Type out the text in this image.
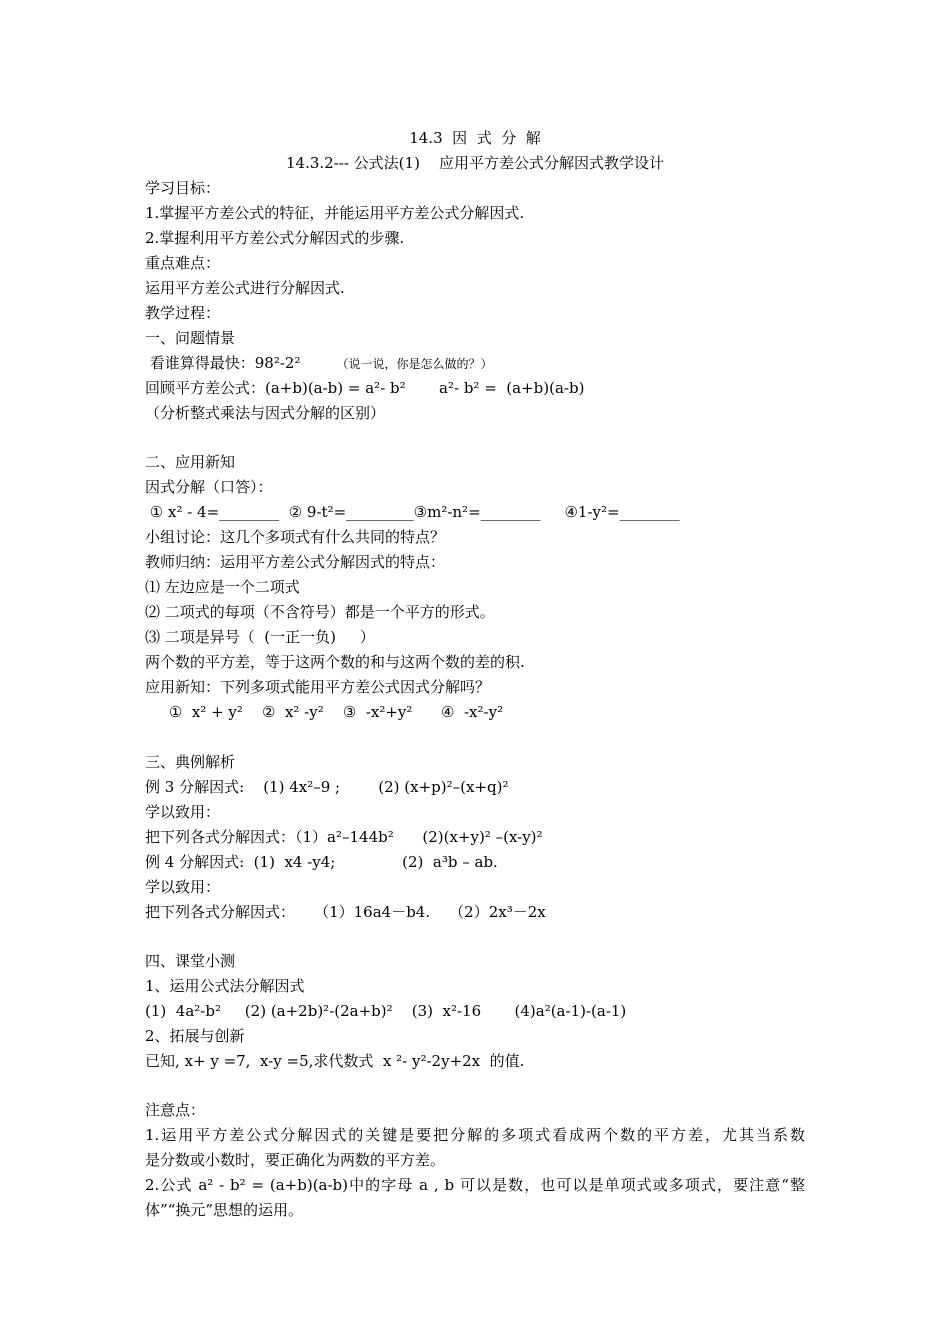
14.3  因  式  分  解
14.3.2--- 公式法(1)    应用平方差公式分解因式教学设计
学习目标：
1.掌握平方差公式的特征，并能运用平方差公式分解因式.
2.掌握利用平方差公式分解因式的步骤.
重点难点：
运用平方差公式进行分解因式.
教学过程：
一、问题情景
看谁算得最快：98²-2²	（说一说，你是怎么做的？）
回顾平方差公式：(a+b)(a-b) = a²- b²       a²- b² =  (a+b)(a-b)
（分析整式乘法与因式分解的区别）
二、应用新知
因式分解（口答）：
① x² - 4=________  ② 9-t²=_________③m²-n²=________     ④1-y²=________
小组讨论：这几个多项式有什么共同的特点？
教师归纳：运用平方差公式分解因式的特点：
⑴ 左边应是一个二项式
⑵ 二项式的每项（不含符号）都是一个平方的形式。
⑶ 二项是异号（  (一正一负)     ）
两个数的平方差，等于这两个数的和与这两个数的差的积.
应用新知：下列多项式能用平方差公式因式分解吗？
①  x² + y²    ②  x² -y²    ③  -x²+y²      ④  -x²-y²
三、典例解析
例 3 分解因式:    (1) 4x²–9 ;        (2) (x+p)²–(x+q)²
学以致用：
把下列各式分解因式：（1）a²–144b²      (2)(x+y)² –(x-y)²
例 4 分解因式:  (1)  x4 -y4;              (2)  a³b – ab.
学以致用：
把下列各式分解因式：    （1）16a4－b4.    （2）2x³－2x
四、课堂小测
1、运用公式法分解因式
(1)  4a²-b²     (2) (a+2b)²-(2a+b)²    (3)  x²-16       (4)a²(a-1)-(a-1)
2、拓展与创新
已知, x+ y =7,  x-y =5,求代数式  x ²- y²-2y+2x  的值.
注意点：
1.运用平方差公式分解因式的关键是要把分解的多项式看成两个数的平方差，尤其当系数
是分数或小数时，要正确化为两数的平方差。
2.公式 a² - b² = (a+b)(a-b)中的字母 a , b 可以是数，也可以是单项式或多项式，要注意“整
体”“换元”思想的运用。
